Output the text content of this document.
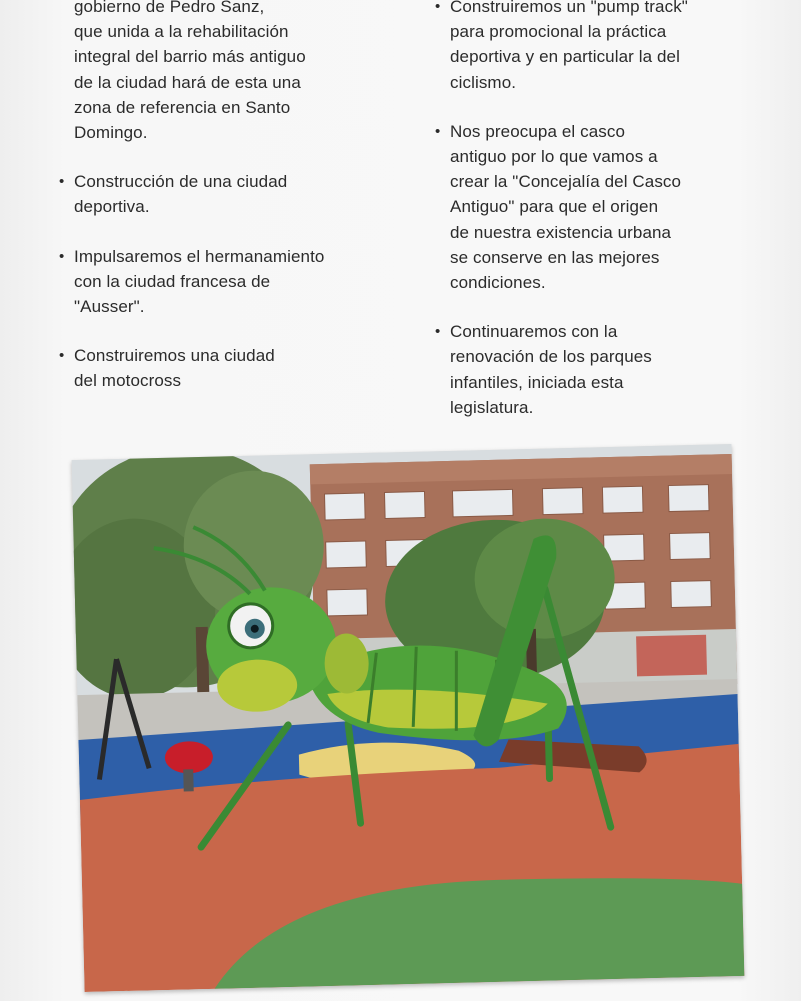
gobierno de Pedro Sanz,
que unida a la rehabilitación
integral del barrio más antiguo
de la ciudad hará de esta una
zona de referencia en Santo
Domingo.
• Construcción de una ciudad
deportiva.
• Impulsaremos el hermanamiento
con la ciudad francesa de
"Ausser".
• Construiremos una ciudad
del motocross
• Construiremos un "pump track"
para promocional la práctica
deportiva y en particular la del
ciclismo.
• Nos preocupa el casco
antiguo por lo que vamos a
crear la "Concejalía del Casco
Antiguo" para que el origen
de nuestra existencia urbana
se conserve en las mejores
condiciones.
• Continuaremos con la
renovación de los parques
infantiles, iniciada esta
legislatura.
